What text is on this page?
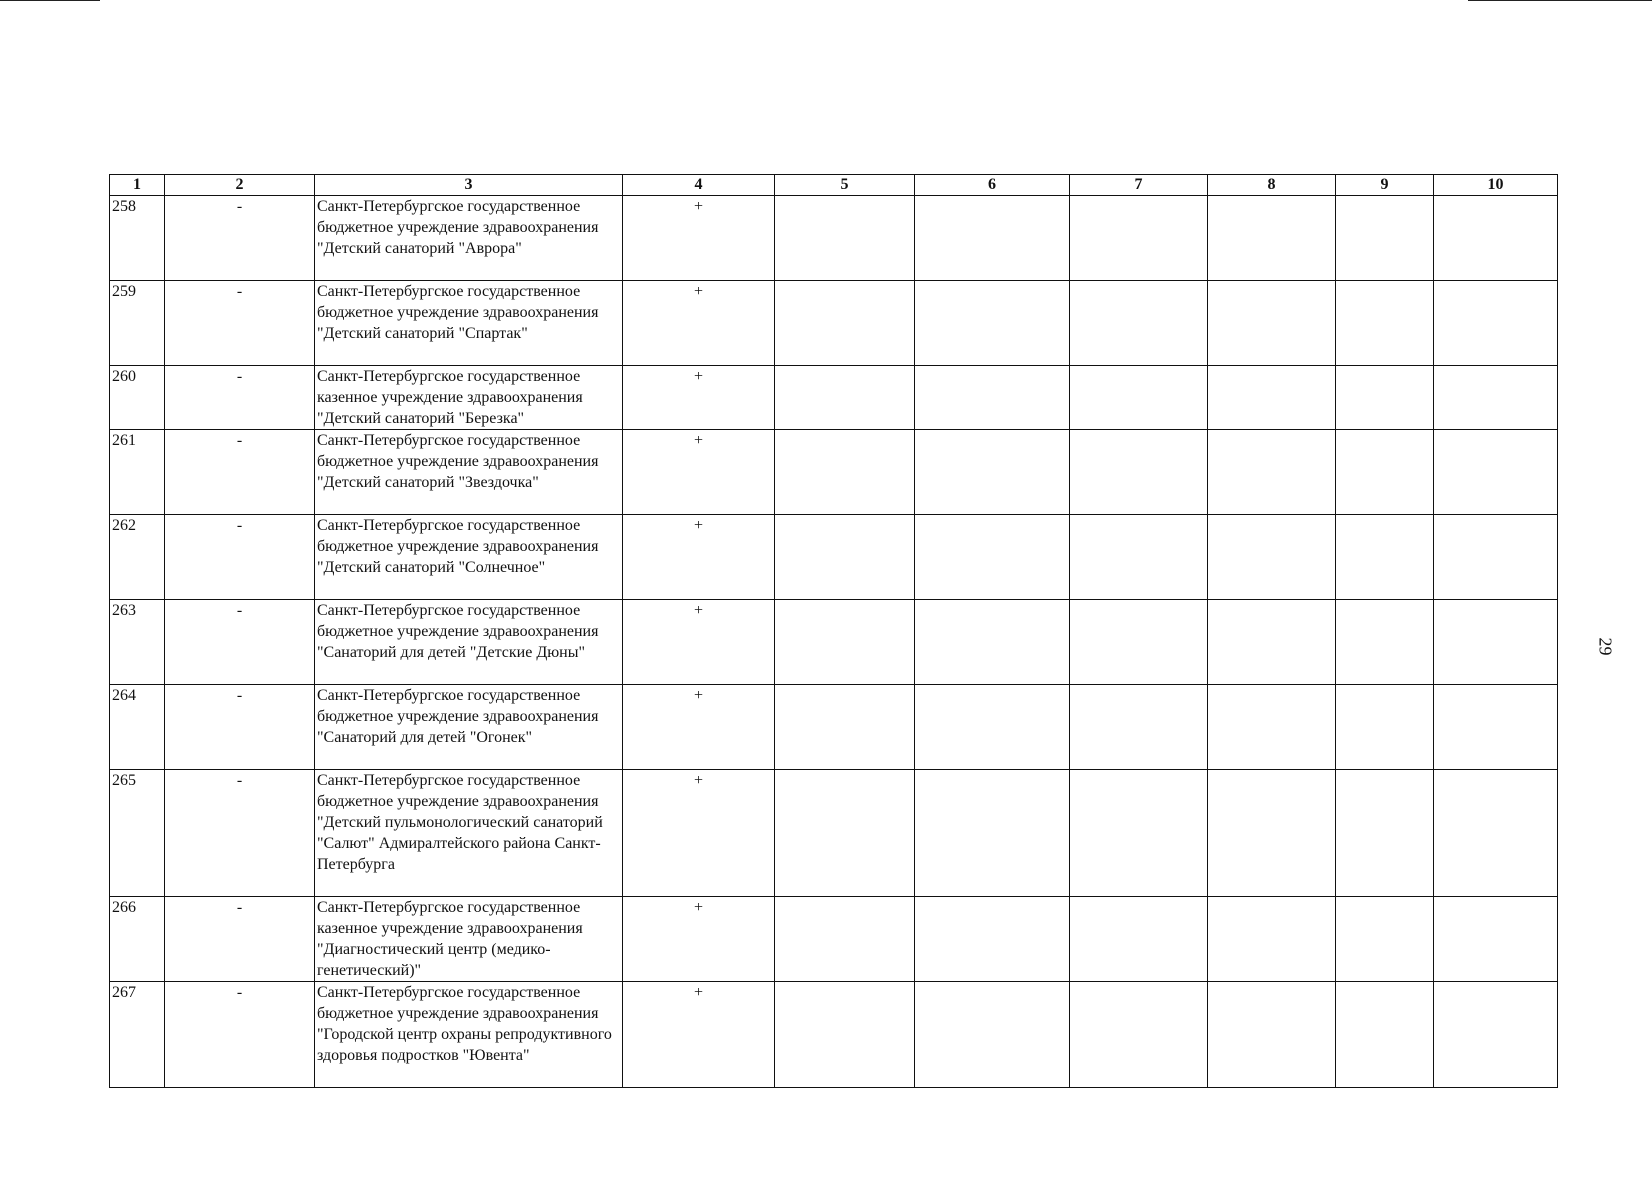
1	2	3	4	5	6	7	8	9	10
258	-	Санкт-Петербургское государственное бюджетное учреждение здравоохранения "Детский санаторий "Аврора"	+						
259	-	Санкт-Петербургское государственное бюджетное учреждение здравоохранения "Детский санаторий "Спартак"	+						
260	-	Санкт-Петербургское государственное казенное учреждение здравоохранения "Детский санаторий "Березка"	+						
261	-	Санкт-Петербургское государственное бюджетное учреждение здравоохранения "Детский санаторий "Звездочка"	+						
262	-	Санкт-Петербургское государственное бюджетное учреждение здравоохранения "Детский санаторий "Солнечное"	+						
263	-	Санкт-Петербургское государственное бюджетное учреждение здравоохранения "Санаторий для детей "Детские Дюны"	+						
264	-	Санкт-Петербургское государственное бюджетное учреждение здравоохранения "Санаторий для детей "Огонек"	+						
265	-	Санкт-Петербургское государственное бюджетное учреждение здравоохранения "Детский пульмонологический санаторий "Салют" Адмиралтейского района Санкт-Петербурга	+						
266	-	Санкт-Петербургское государственное казенное учреждение здравоохранения "Диагностический центр (медико-генетический)"	+						
267	-	Санкт-Петербургское государственное бюджетное учреждение здравоохранения "Городской центр охраны репродуктивного здоровья подростков "Ювента"	+						
29
